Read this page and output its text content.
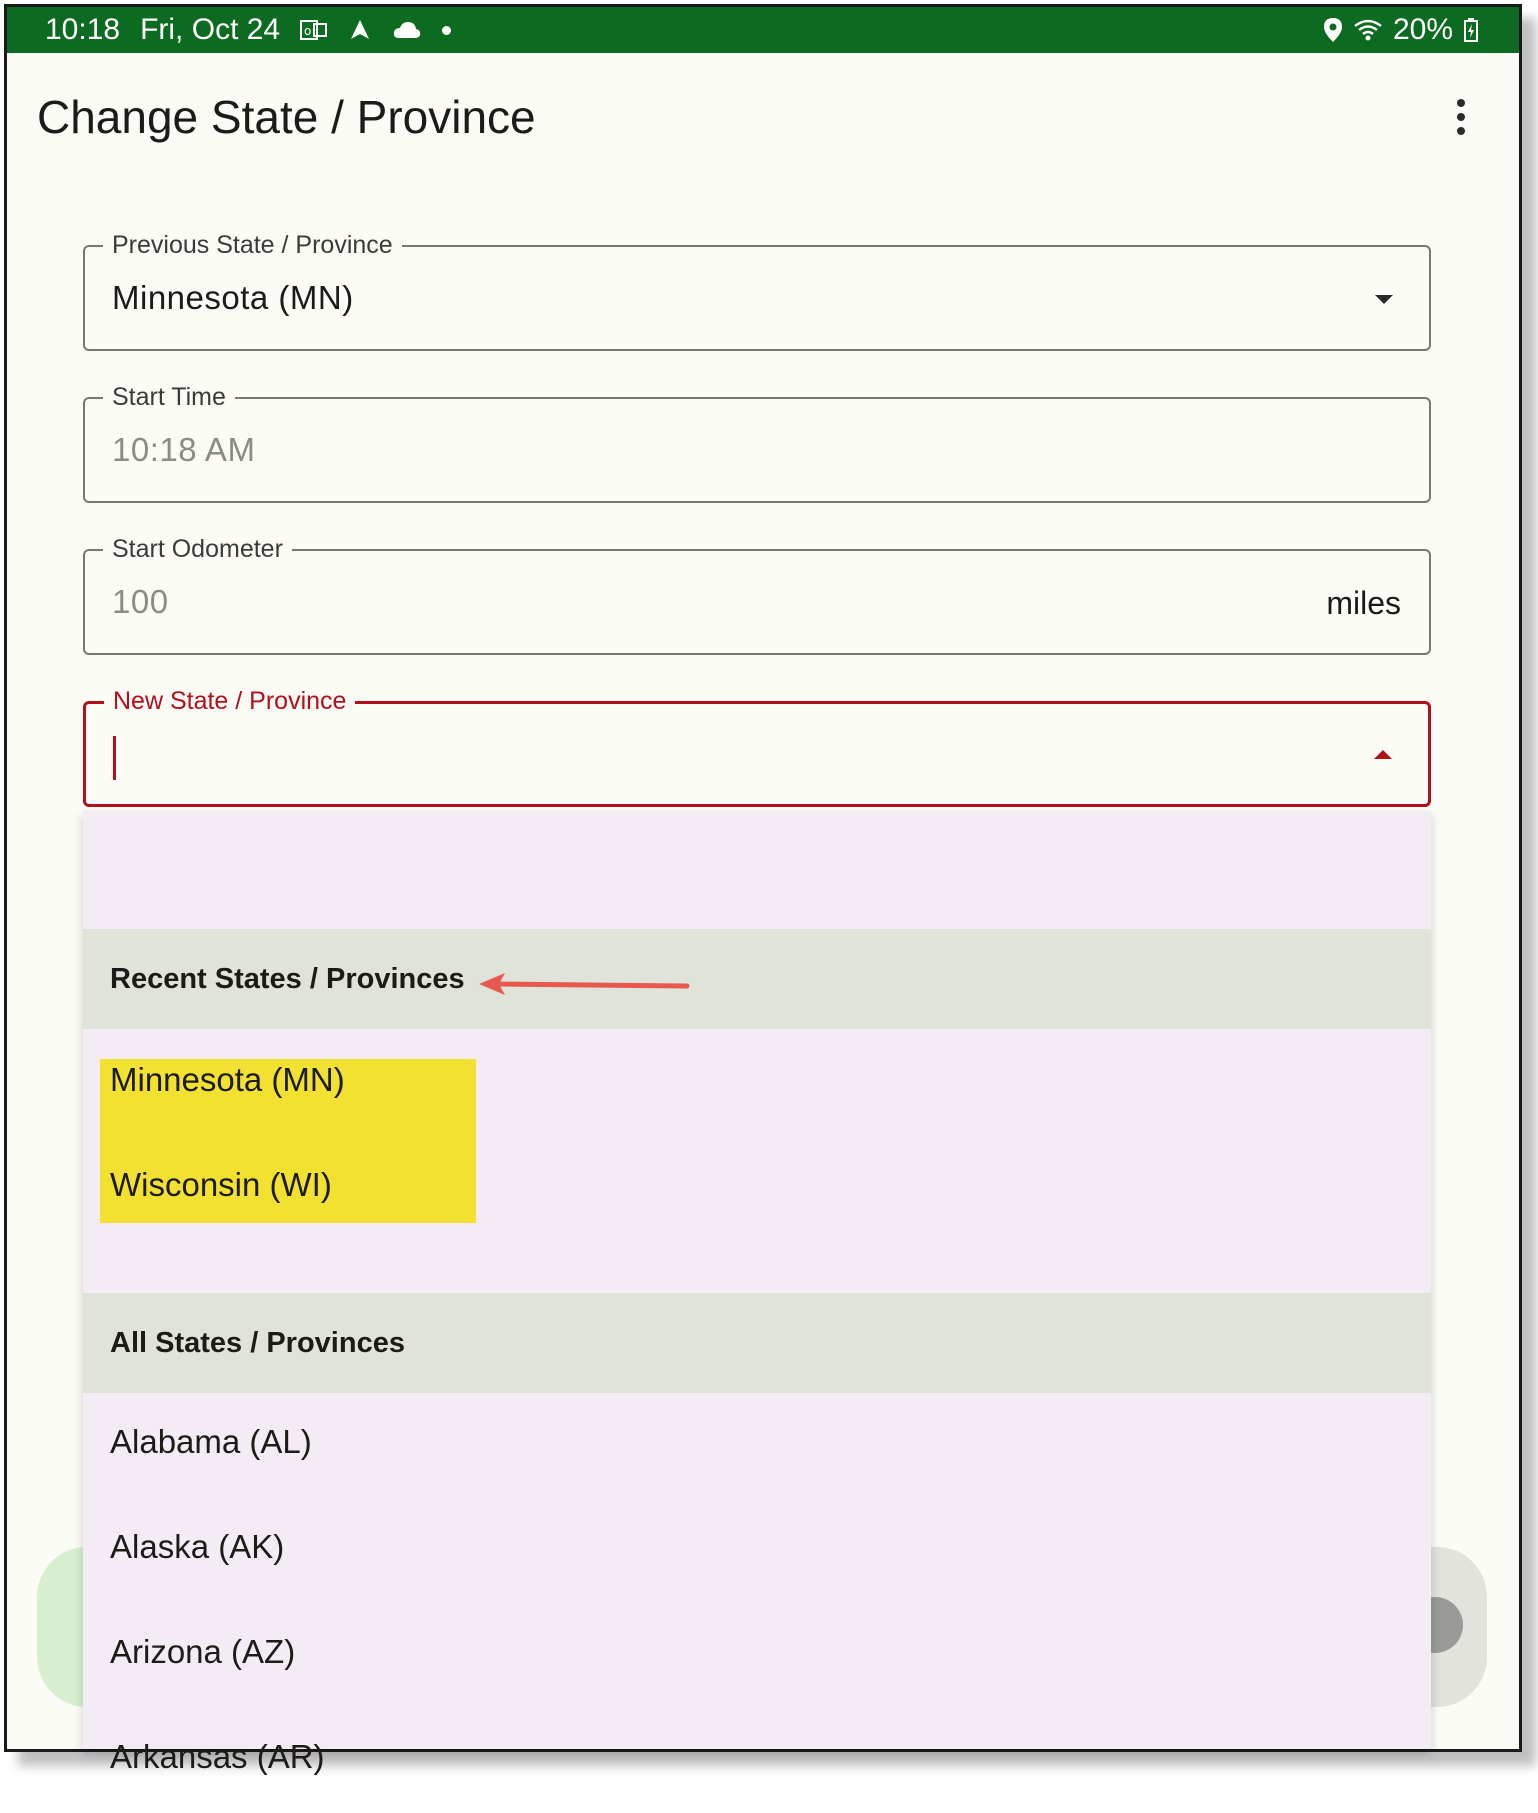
10:18 Fri, Oct 24 o	20%
Change State / Province
Previous State / Province
Minnesota (MN)
Start Time
10:18 AM
Start Odometer
100	miles
New State / Province
Recent States / Provinces
Minnesota (MN)
Wisconsin (WI)
All States / Provinces
Alabama (AL)
Alaska (AK)
Arizona (AZ)
Arkansas (AR)
